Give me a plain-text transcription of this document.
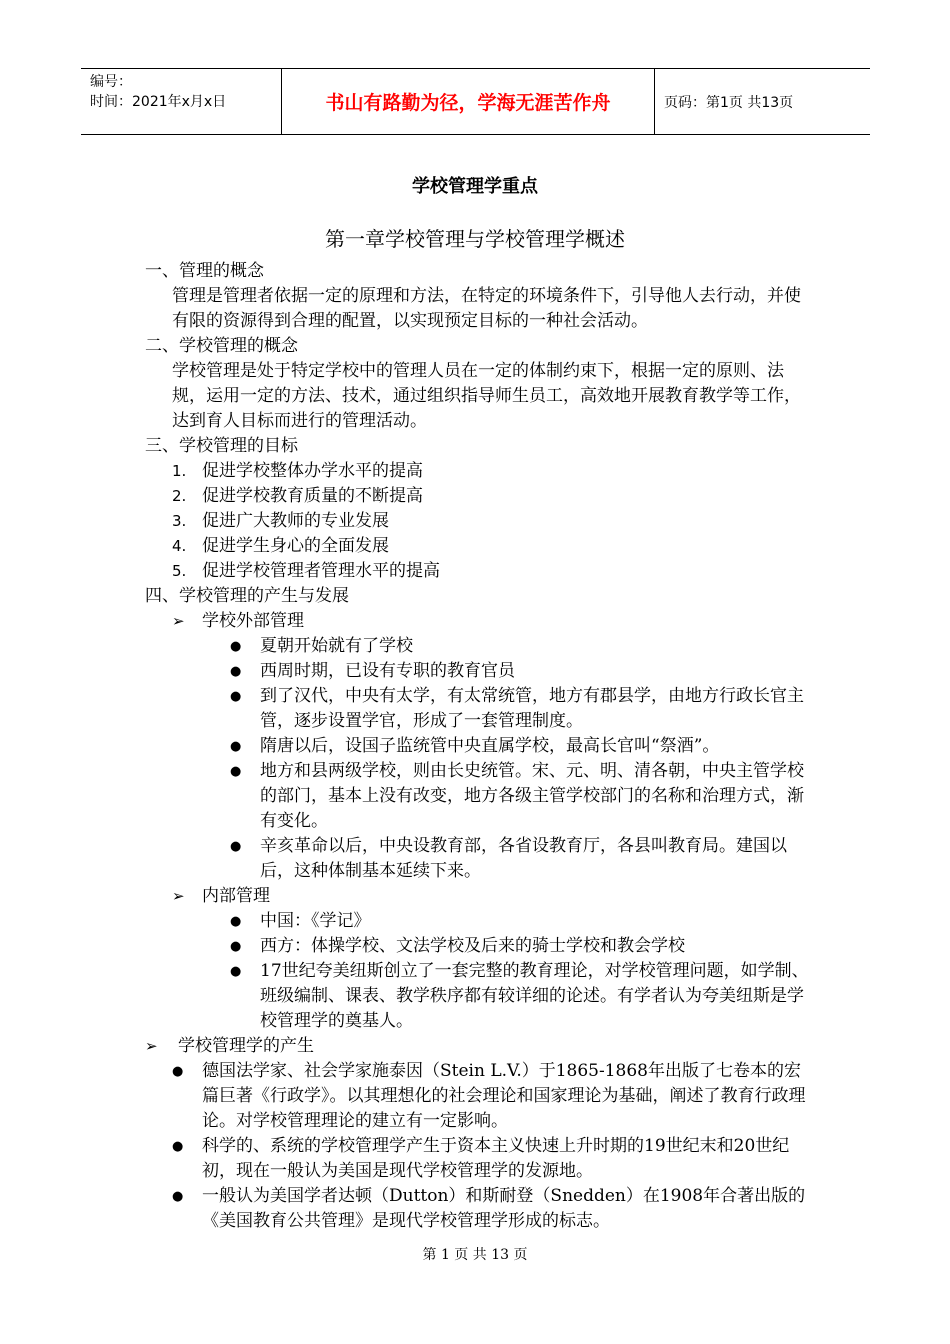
编号：
时间：2021年x月x日	书山有路勤为径，学海无涯苦作舟	页码：第1页 共13页
学校管理学重点
第一章学校管理与学校管理学概述

一、管理的概念

管理是管理者依据一定的原理和方法，在特定的环境条件下，引导他人去行动，并使有限的资源得到合理的配置，以实现预定目标的一种社会活动。

二、学校管理的概念

学校管理是处于特定学校中的管理人员在一定的体制约束下，根据一定的原则、法规，运用一定的方法、技术，通过组织指导师生员工，高效地开展教育教学等工作，达到育人目标而进行的管理活动。

三、学校管理的目标

1. 促进学校整体办学水平的提高
2. 促进学校教育质量的不断提高
3. 促进广大教师的专业发展
4. 促进学生身心的全面发展
5. 促进学校管理者管理水平的提高

四、学校管理的产生与发展

➢	学校外部管理
●	夏朝开始就有了学校
●	西周时期，已设有专职的教育官员
●	到了汉代，中央有太学，有太常统管，地方有郡县学，由地方行政长官主管，逐步设置学官，形成了一套管理制度。
●	隋唐以后，设国子监统管中央直属学校，最高长官叫“祭酒”。
●	地方和县两级学校，则由长史统管。宋、元、明、清各朝，中央主管学校的部门，基本上没有改变，地方各级主管学校部门的名称和治理方式，渐有变化。
●	辛亥革命以后，中央设教育部，各省设教育厅，各县叫教育局。建国以后，这种体制基本延续下来。
➢	内部管理
●	中国：《学记》
●	西方：体操学校、文法学校及后来的骑士学校和教会学校
●	17世纪夸美纽斯创立了一套完整的教育理论，对学校管理问题，如学制、班级编制、课表、教学秩序都有较详细的论述。有学者认为夸美纽斯是学校管理学的奠基人。
➢	学校管理学的产生
●	德国法学家、社会学家施泰因（Stein L.V.）于1865-1868年出版了七卷本的宏篇巨著《行政学》。以其理想化的社会理论和国家理论为基础，阐述了教育行政理论。对学校管理理论的建立有一定影响。
●	科学的、系统的学校管理学产生于资本主义快速上升时期的19世纪末和20世纪初，现在一般认为美国是现代学校管理学的发源地。
●	一般认为美国学者达顿（Dutton）和斯耐登（Snedden）在1908年合著出版的《美国教育公共管理》是现代学校管理学形成的标志。
第 1 页 共 13 页
